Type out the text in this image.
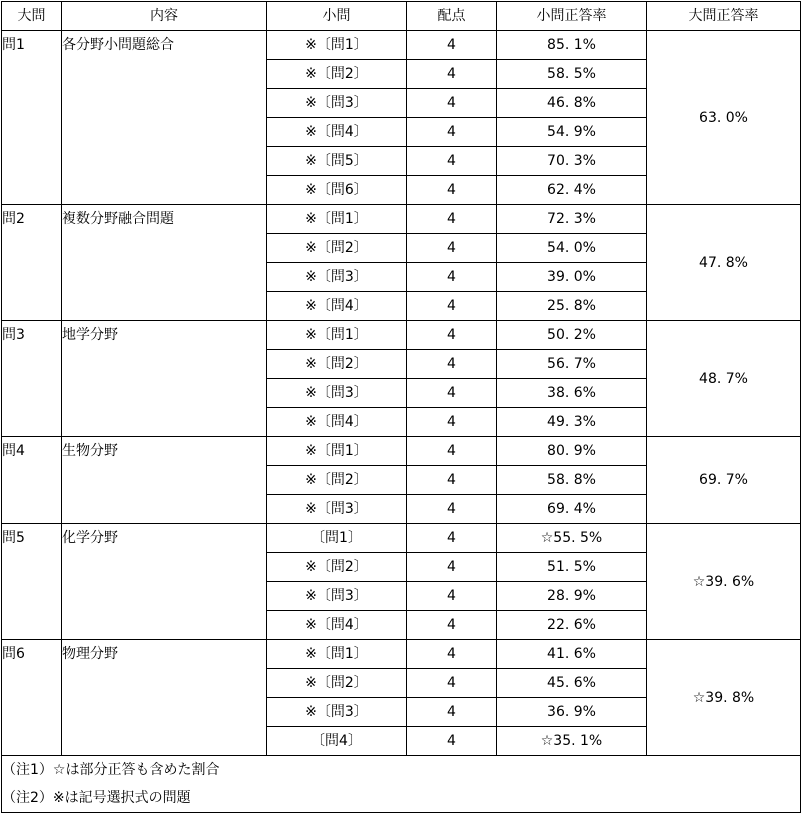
大問	内容	小問	配点	小問正答率	大問正答率
問1	各分野小問題総合	※〔問1〕	4	85. 1%	63. 0%
		※〔問2〕	4	58. 5%	
		※〔問3〕	4	46. 8%	
		※〔問4〕	4	54. 9%	
		※〔問5〕	4	70. 3%	
		※〔問6〕	4	62. 4%	
問2	複数分野融合問題	※〔問1〕	4	72. 3%	47. 8%
		※〔問2〕	4	54. 0%	
		※〔問3〕	4	39. 0%	
		※〔問4〕	4	25. 8%	
問3	地学分野	※〔問1〕	4	50. 2%	48. 7%
		※〔問2〕	4	56. 7%	
		※〔問3〕	4	38. 6%	
		※〔問4〕	4	49. 3%	
問4	生物分野	※〔問1〕	4	80. 9%	69. 7%
		※〔問2〕	4	58. 8%	
		※〔問3〕	4	69. 4%	
問5	化学分野	〔問1〕	4	☆55. 5%	☆39. 6%
		※〔問2〕	4	51. 5%	
		※〔問3〕	4	28. 9%	
		※〔問4〕	4	22. 6%	
問6	物理分野	※〔問1〕	4	41. 6%	☆39. 8%
		※〔問2〕	4	45. 6%	
		※〔問3〕	4	36. 9%	
		〔問4〕	4	☆35. 1%	
（注1）☆は部分正答も含めた割合					
（注2）※は記号選択式の問題					
